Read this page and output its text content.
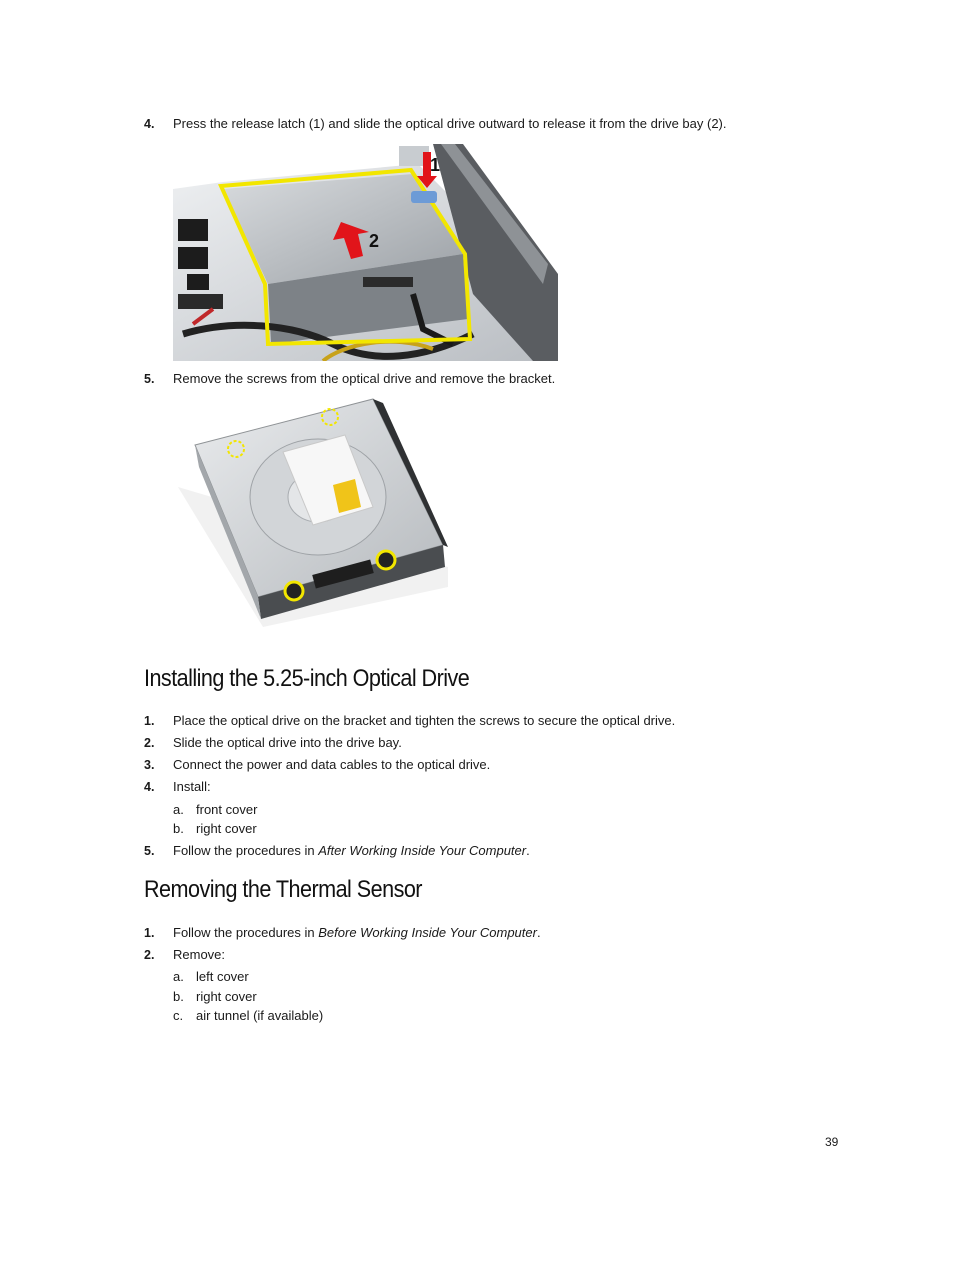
4. Press the release latch (1) and slide the optical drive outward to release it from the drive bay (2).
1
2
5. Remove the screws from the optical drive and remove the bracket.
Installing the 5.25-inch Optical Drive
1. Place the optical drive on the bracket and tighten the screws to secure the optical drive.
2. Slide the optical drive into the drive bay.
3. Connect the power and data cables to the optical drive.
4. Install:
a. front cover
b. right cover
5. Follow the procedures in After Working Inside Your Computer.
Removing the Thermal Sensor
1. Follow the procedures in Before Working Inside Your Computer.
2. Remove:
a. left cover
b. right cover
c. air tunnel (if available)
39
